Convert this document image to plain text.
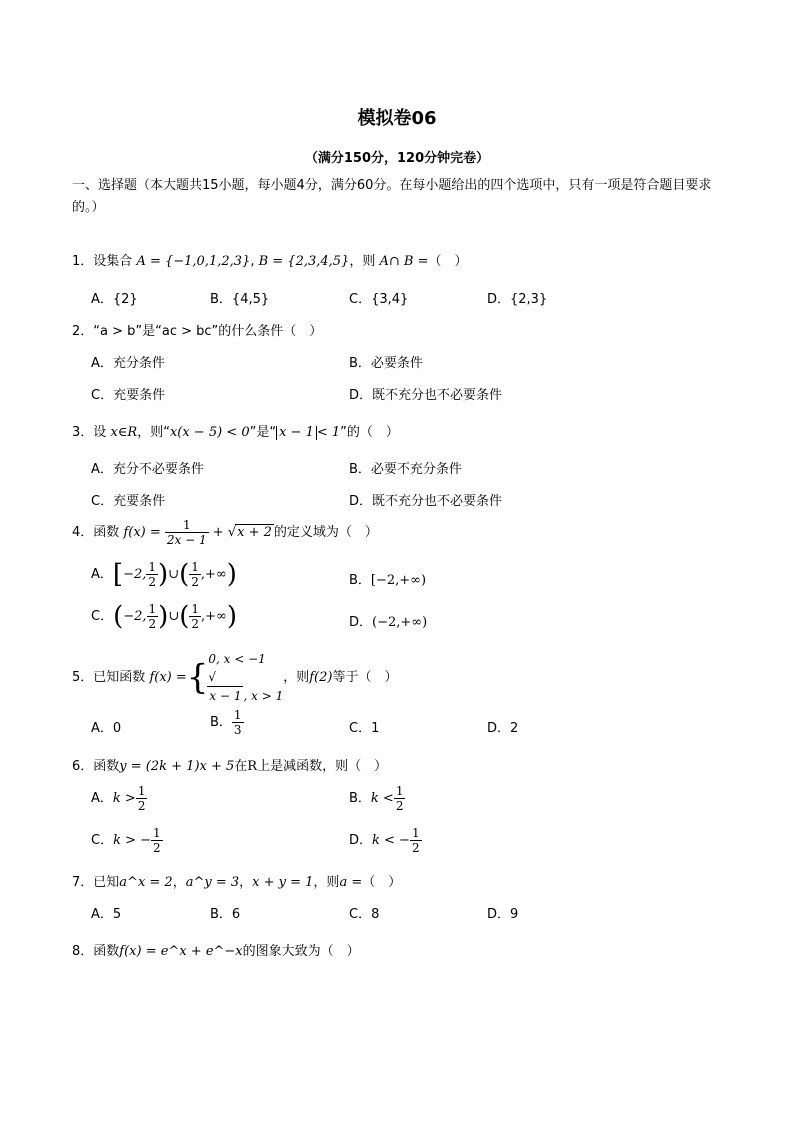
模拟卷06
（满分150分，120分钟完卷）
一、选择题（本大题共15小题，每小题4分，满分60分。在每小题给出的四个选项中，只有一项是符合题目要求的。）
1．设集合 A = {−1,0,1,2,3}, B = {2,3,4,5}，则 A∩ B =（　）
A．{2}	B．{4,5}	C．{3,4}	D．{2,3}
2．“a > b”是“ac > bc”的什么条件（　）
A．充分条件	B．必要条件
C．充要条件	D．既不充分也不必要条件
3．设 x∈R，则“x(x − 5) < 0”是“ x − 1 < 1”的（　）
A．充分不必要条件	B．必要不充分条件
C．充要条件	D．既不充分也不必要条件
4．函数 $f(x) = \frac{1}{2x - 1} + √x + 2$ 的定义域为（　）
A．[−2, $\frac{1}{2}$ )∪( $\frac{1}{2}$ ,+∞)	B．[−2,+∞)
C．(−2, $\frac{1}{2}$ )∪( $\frac{1}{2}$ ,+∞)	D．(−2,+∞)
5．已知函数 f(x) ={ 0, x < −1
√
x − 1 , x > 1
，则f(2)等于（　）
A．0	B． $\frac{1}{3}$	C．1	D．2
6．函数y = (2k + 1)x + 5在R上是减函数，则（　）
A．$k > \frac{1}{2}$	B．$k < \frac{1}{2}$
C．k > − $\frac{1}{2}$	D．k < − $\frac{1}{2}$
7．已知a^x = 2，a^y = 3，x + y = 1，则a =（　）
A．5	B．6	C．8	D．9
8．函数f(x) = e^x + e^−x的图象大致为（　）
